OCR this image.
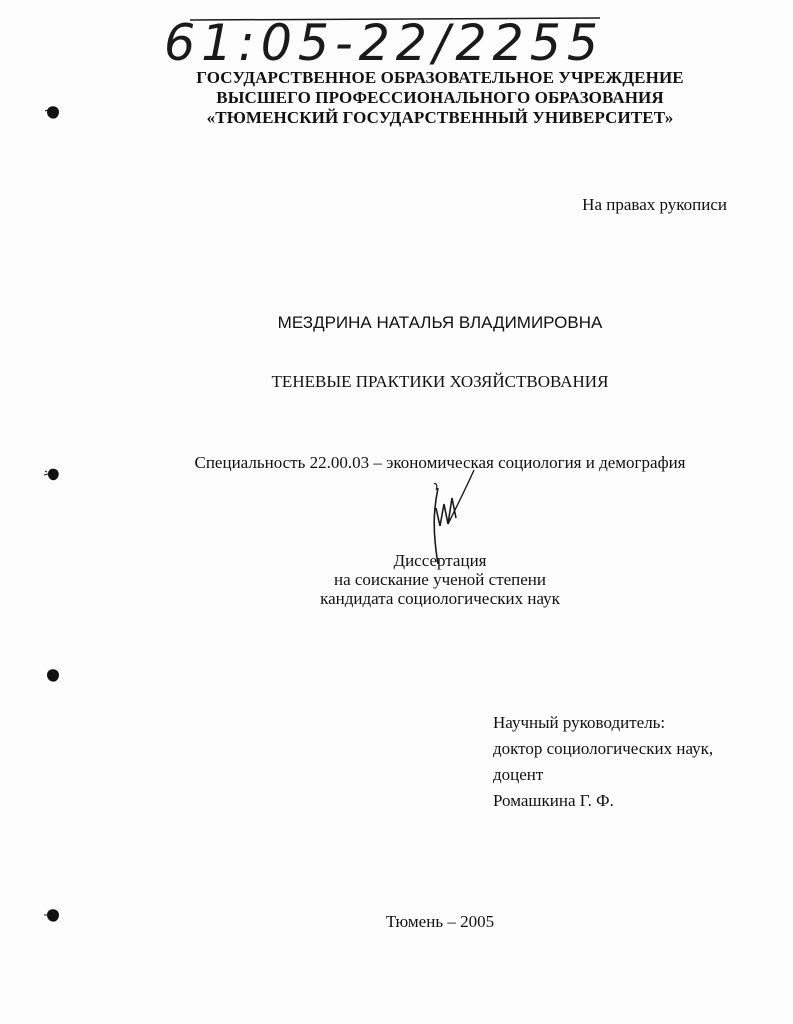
61:05-22/2255
ГОСУДАРСТВЕННОЕ ОБРАЗОВАТЕЛЬНОЕ УЧРЕЖДЕНИЕ
ВЫСШЕГО ПРОФЕССИОНАЛЬНОГО ОБРАЗОВАНИЯ
«ТЮМЕНСКИЙ ГОСУДАРСТВЕННЫЙ УНИВЕРСИТЕТ»
На правах рукописи
МЕЗДРИНА НАТАЛЬЯ ВЛАДИМИРОВНА
ТЕНЕВЫЕ ПРАКТИКИ ХОЗЯЙСТВОВАНИЯ
Специальность 22.00.03 – экономическая социология и демография
Диссертация
на соискание ученой степени
кандидата социологических наук
Научный руководитель:
доктор социологических наук,
доцент
Ромашкина Г. Ф.
Тюмень – 2005
